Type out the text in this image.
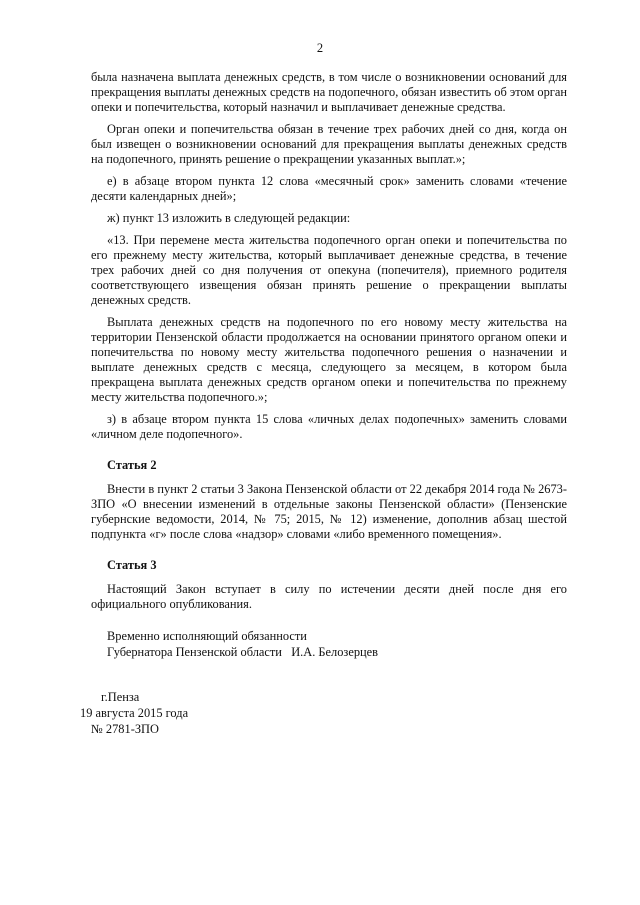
2

была назначена выплата денежных средств, в том числе о возникновении оснований для прекращения выплаты денежных средств на подопечного, обязан известить об этом орган опеки и попечительства, который назначил и выплачивает денежные средства.

Орган опеки и попечительства обязан в течение трех рабочих дней со дня, когда он был извещен о возникновении оснований для прекращения выплаты денежных средств на подопечного, принять решение о прекращении указанных выплат.»;

е) в абзаце втором пункта 12 слова «месячный срок» заменить словами «течение десяти календарных дней»;

ж) пункт 13 изложить в следующей редакции:

«13. При перемене места жительства подопечного орган опеки и попечительства по его прежнему месту жительства, который выплачивает денежные средства, в течение трех рабочих дней со дня получения от опекуна (попечителя), приемного родителя соответствующего извещения обязан принять решение о прекращении выплаты денежных средств.

Выплата денежных средств на подопечного по его новому месту жительства на территории Пензенской области продолжается на основании принятого органом опеки и попечительства по новому месту жительства подопечного решения о назначении и выплате денежных средств с месяца, следующего за месяцем, в котором была прекращена выплата денежных средств органом опеки и попечительства по прежнему месту жительства подопечного.»;

з) в абзаце втором пункта 15 слова «личных делах подопечных» заменить словами «личном деле подопечного».

Статья 2

Внести в пункт 2 статьи 3 Закона Пензенской области от 22 декабря 2014 года № 2673-ЗПО «О внесении изменений в отдельные законы Пензенской области» (Пензенские губернские ведомости, 2014, № 75; 2015, № 12) изменение, дополнив абзац шестой подпункта «г» после слова «надзор» словами «либо временного помещения».

Статья 3

Настоящий Закон вступает в силу по истечении десяти дней после дня его официального опубликования.

Временно исполняющий обязанности
Губернатора Пензенской области   И.А. Белозерцев
г.Пенза
19 августа 2015 года
№ 2781-ЗПО
